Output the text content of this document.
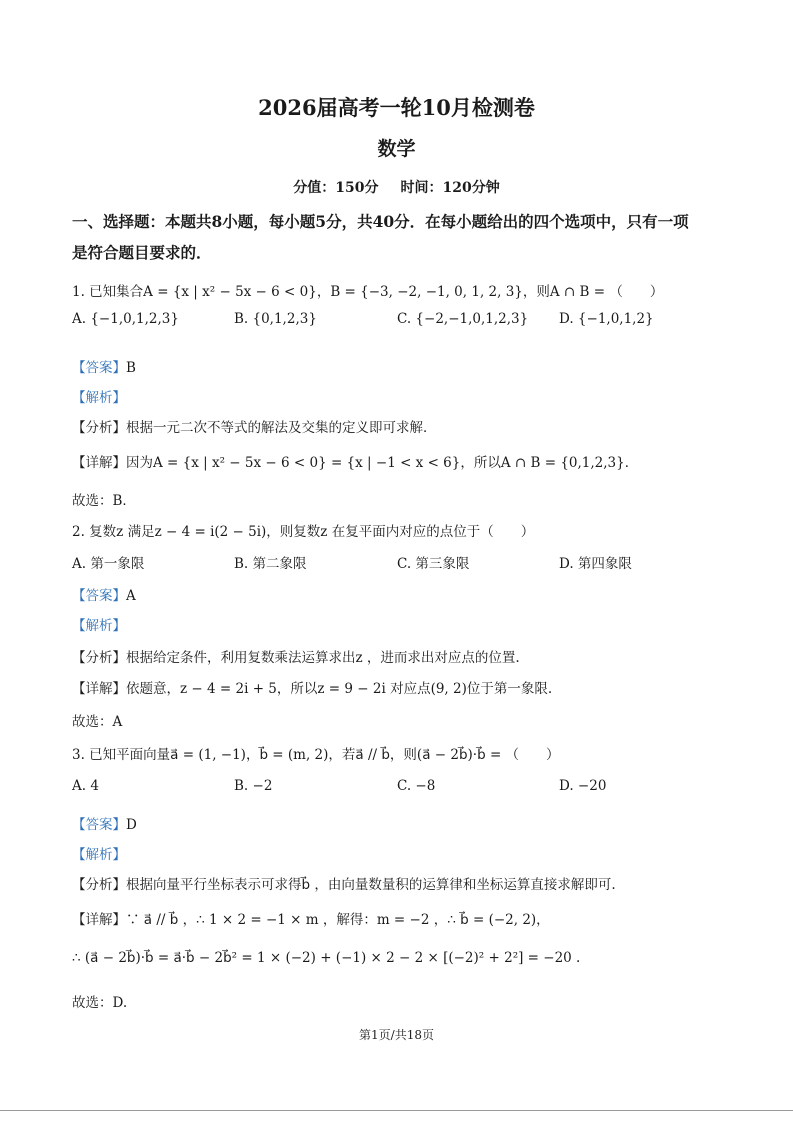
2026届高考一轮10月检测卷
数学
分值：150分 时间：120分钟
一、选择题：本题共8小题，每小题5分，共40分．在每小题给出的四个选项中，只有一项
是符合题目要求的．
1. 已知集合A = {x | x² − 5x − 6 < 0}，B = {−3, −2, −1, 0, 1, 2, 3}，则A ∩ B = （　　）
A. {−1,0,1,2,3}	B. {0,1,2,3}	C. {−2,−1,0,1,2,3} D. {−1,0,1,2}
【答案】B
【解析】
【分析】根据一元二次不等式的解法及交集的定义即可求解．
【详解】因为A = {x | x² − 5x − 6 < 0} = {x | −1 < x < 6}，所以A ∩ B = {0,1,2,3}．
故选：B．
2. 复数z 满足z − 4 = i(2 − 5i)，则复数z 在复平面内对应的点位于（　　）
A. 第一象限	B. 第二象限	C. 第三象限	D. 第四象限
【答案】A
【解析】
【分析】根据给定条件，利用复数乘法运算求出z ，进而求出对应点的位置.
【详解】依题意，z − 4 = 2i + 5，所以z = 9 − 2i 对应点(9, 2)位于第一象限.
故选：A
3. 已知平面向量a⃗ = (1, −1)，b⃗ = (m, 2)，若a⃗ // b⃗，则(a⃗ − 2b⃗)·b⃗ = （　　）
A. 4	B. −2	C. −8	D. −20
【答案】D
【解析】
【分析】根据向量平行坐标表示可求得b⃗ ，由向量数量积的运算律和坐标运算直接求解即可.
【详解】∵ a⃗ // b⃗ ，∴ 1 × 2 = −1 × m ，解得：m = −2 ，∴ b⃗ = (−2, 2)，
∴ (a⃗ − 2b⃗)·b⃗ = a⃗·b⃗ − 2b⃗² = 1 × (−2) + (−1) × 2 − 2 × [(−2)² + 2²] = −20 .
故选：D.
第1页/共18页
